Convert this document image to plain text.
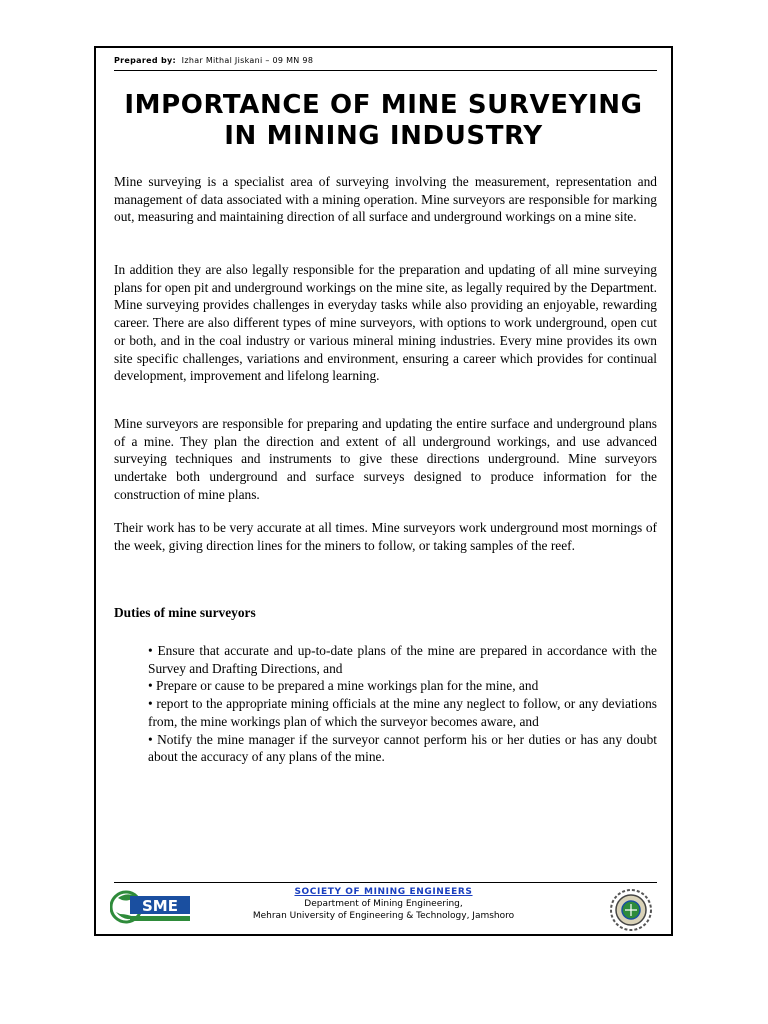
Prepared by: Izhar Mithal Jiskani – 09 MN 98
IMPORTANCE OF MINE SURVEYING
IN MINING INDUSTRY

Mine surveying is a specialist area of surveying involving the measurement, representation and management of data associated with a mining operation. Mine surveyors are responsible for marking out, measuring and maintaining direction of all surface and underground workings on a mine site.

In addition they are also legally responsible for the preparation and updating of all mine surveying plans for open pit and underground workings on the mine site, as legally required by the Department. Mine surveying provides challenges in everyday tasks while also providing an enjoyable, rewarding career. There are also different types of mine surveyors, with options to work underground, open cut or both, and in the coal industry or various mineral mining industries. Every mine provides its own site specific challenges, variations and environment, ensuring a career which provides for continual development, improvement and lifelong learning.

Mine surveyors are responsible for preparing and updating the entire surface and underground plans of a mine. They plan the direction and extent of all underground workings, and use advanced surveying techniques and instruments to give these directions underground. Mine surveyors undertake both underground and surface surveys designed to produce information for the construction of mine plans.

Their work has to be very accurate at all times. Mine surveyors work underground most mornings of the week, giving direction lines for the miners to follow, or taking samples of the reef.

Duties of mine surveyors
• Ensure that accurate and up-to-date plans of the mine are prepared in accordance with the Survey and Drafting Directions, and
• Prepare or cause to be prepared a mine workings plan for the mine, and
• report to the appropriate mining officials at the mine any neglect to follow, or any deviations from, the mine workings plan of which the surveyor becomes aware, and
• Notify the mine manager if the surveyor cannot perform his or her duties or has any doubt about the accuracy of any plans of the mine.
SME
SOCIETY OF MINING ENGINEERS
Department of Mining Engineering,
Mehran University of Engineering & Technology, Jamshoro
